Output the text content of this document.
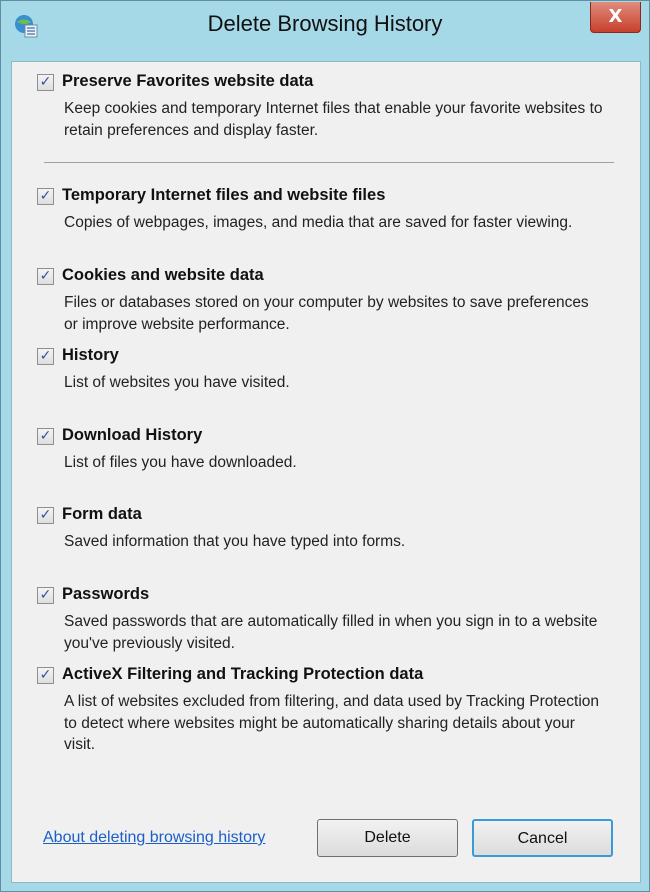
Delete Browsing History	X
✓ Preserve Favorites website data
Keep cookies and temporary Internet files that enable your favorite websites to retain preferences and display faster.
✓ Temporary Internet files and website files
Copies of webpages, images, and media that are saved for faster viewing.
✓ Cookies and website data
Files or databases stored on your computer by websites to save preferences or improve website performance.
✓ History
List of websites you have visited.
✓ Download History
List of files you have downloaded.
✓ Form data
Saved information that you have typed into forms.
✓ Passwords
Saved passwords that are automatically filled in when you sign in to a website you've previously visited.
✓ ActiveX Filtering and Tracking Protection data
A list of websites excluded from filtering, and data used by Tracking Protection to detect where websites might be automatically sharing details about your visit.
About deleting browsing history	Delete	Cancel
